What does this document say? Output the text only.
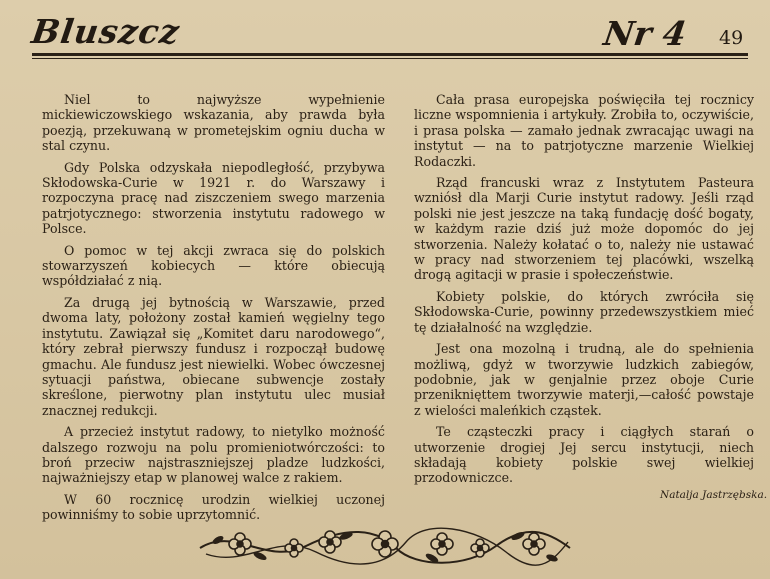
Bluszcz	Nr 4 49

Niel to najwyższe wypełnienie mickiewiczowskiego wskazania, aby prawda była poezją, przekuwaną w prometejskim ogniu ducha w stal czynu.

Gdy Polska odzyskała niepodległość, przybywa Skłodowska-Curie w 1921 r. do Warszawy i rozpoczyna pracę nad ziszczeniem swego marzenia patrjotycznego: stworzenia instytutu radowego w Polsce.

O pomoc w tej akcji zwraca się do polskich stowarzyszeń kobiecych — które obiecują współdziałać z nią.

Za drugą jej bytnością w Warszawie, przed dwoma laty, położony został kamień węgielny tego instytutu. Zawiązał się „Komitet daru narodowego“, który zebrał pierwszy fundusz i rozpoczął budowę gmachu. Ale fundusz jest niewielki. Wobec ówczesnej sytuacji państwa, obiecane subwencje zostały skreślone, pierwotny plan instytutu ulec musiał znacznej redukcji.

A przecież instytut radowy, to nietylko możność dalszego rozwoju na polu promieniotwórczości: to broń przeciw najstraszniejszej pladze ludzkości, najważniejszy etap w planowej walce z rakiem.

W 60 rocznicę urodzin wielkiej uczonej powinniśmy to sobie uprzytomnić.

Cała prasa europejska poświęciła tej rocznicy liczne wspomnienia i artykuły. Zrobiła to, oczywiście, i prasa polska — zamało jednak zwracając uwagi na instytut — na to patrjotyczne marzenie Wielkiej Rodaczki.

Rząd francuski wraz z Instytutem Pasteura wzniósł dla Marji Curie instytut radowy. Jeśli rząd polski nie jest jeszcze na taką fundację dość bogaty, w każdym razie dziś już może dopomóc do jej stworzenia. Należy kołatać o to, należy nie ustawać w pracy nad stworzeniem tej placówki, wszelką drogą agitacji w prasie i społeczeństwie.

Kobiety polskie, do których zwróciła się Skłodowska-Curie, powinny przedewszystkiem mieć tę działalność na względzie.

Jest ona mozolną i trudną, ale do spełnienia możliwą, gdyż w tworzywie ludzkich zabiegów, podobnie, jak w genjalnie przez oboje Curie przeniknięttem tworzywie materji,—całość powstaje z wielości maleńkich cząstek.

Te cząsteczki pracy i ciągłych starań o utworzenie drogiej Jej sercu instytucji, niech składają kobiety polskie swej wielkiej przodowniczce.

Natalja Jastrzębska.
